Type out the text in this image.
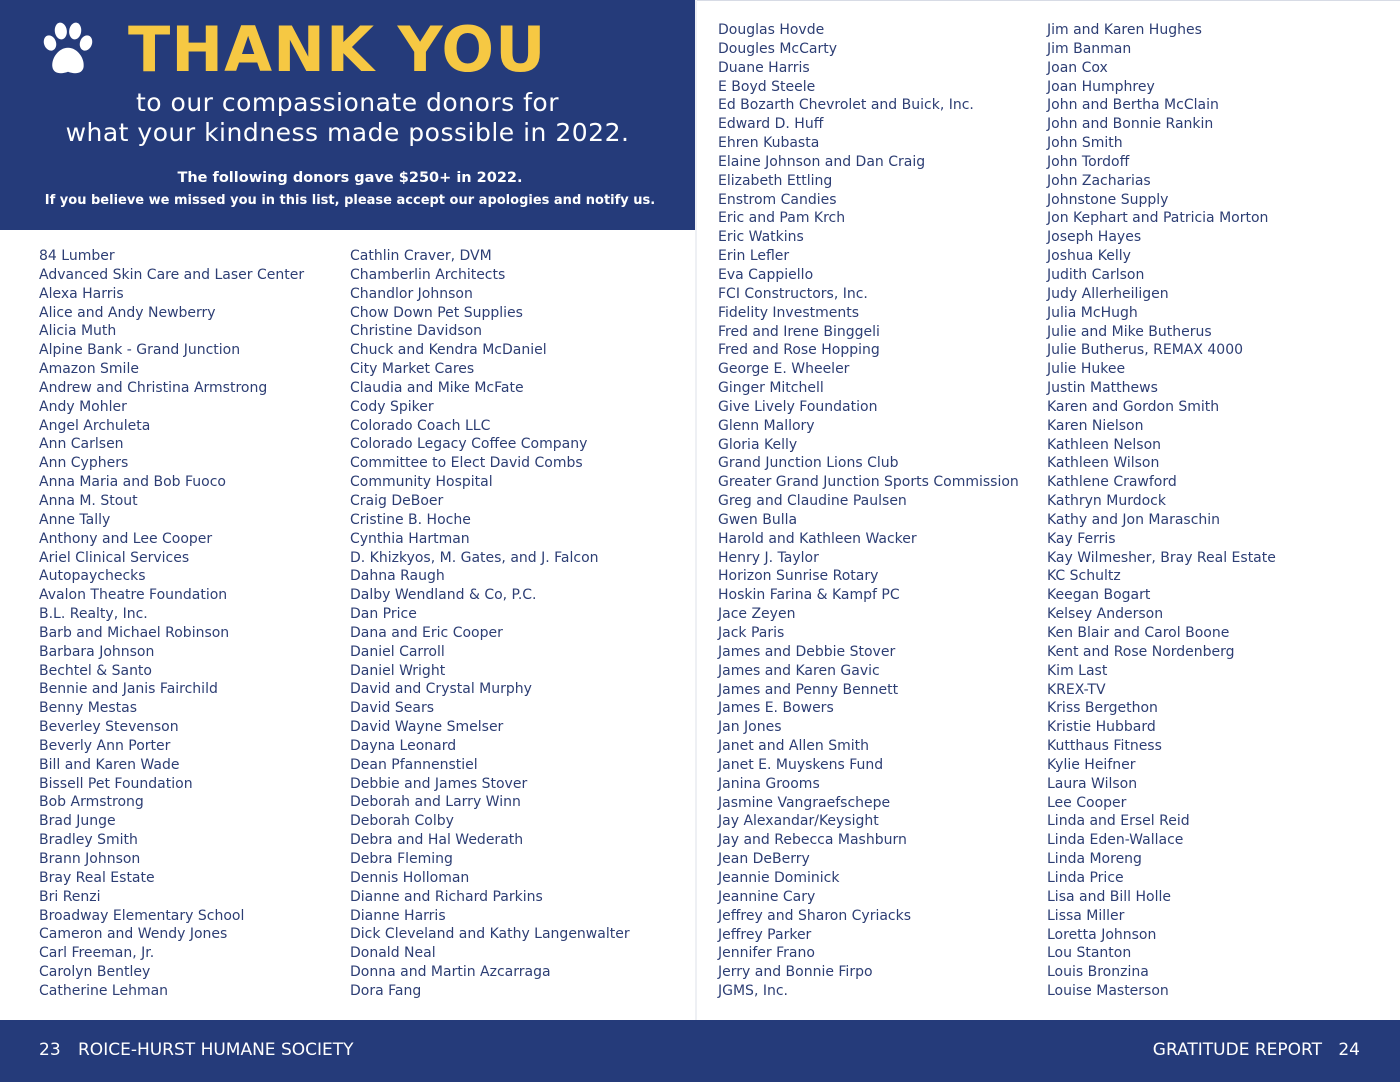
THANK YOU
to our compassionate donors for
what your kindness made possible in 2022.
The following donors gave $250+ in 2022.
If you believe we missed you in this list, please accept our apologies and notify us.
84 Lumber
Advanced Skin Care and Laser Center
Alexa Harris
Alice and Andy Newberry
Alicia Muth
Alpine Bank - Grand Junction
Amazon Smile
Andrew and Christina Armstrong
Andy Mohler
Angel Archuleta
Ann Carlsen
Ann Cyphers
Anna Maria and Bob Fuoco
Anna M. Stout
Anne Tally
Anthony and Lee Cooper
Ariel Clinical Services
Autopaychecks
Avalon Theatre Foundation
B.L. Realty, Inc.
Barb and Michael Robinson
Barbara Johnson
Bechtel & Santo
Bennie and Janis Fairchild
Benny Mestas
Beverley Stevenson
Beverly Ann Porter
Bill and Karen Wade
Bissell Pet Foundation
Bob Armstrong
Brad Junge
Bradley Smith
Brann Johnson
Bray Real Estate
Bri Renzi
Broadway Elementary School
Cameron and Wendy Jones
Carl Freeman, Jr.
Carolyn Bentley
Catherine Lehman
Cathlin Craver, DVM
Chamberlin Architects
Chandlor Johnson
Chow Down Pet Supplies
Christine Davidson
Chuck and Kendra McDaniel
City Market Cares
Claudia and Mike McFate
Cody Spiker
Colorado Coach LLC
Colorado Legacy Coffee Company
Committee to Elect David Combs
Community Hospital
Craig DeBoer
Cristine B. Hoche
Cynthia Hartman
D. Khizkyos, M. Gates, and J. Falcon
Dahna Raugh
Dalby Wendland & Co, P.C.
Dan Price
Dana and Eric Cooper
Daniel Carroll
Daniel Wright
David and Crystal Murphy
David Sears
David Wayne Smelser
Dayna Leonard
Dean Pfannenstiel
Debbie and James Stover
Deborah and Larry Winn
Deborah Colby
Debra and Hal Wederath
Debra Fleming
Dennis Holloman
Dianne and Richard Parkins
Dianne Harris
Dick Cleveland and Kathy Langenwalter
Donald Neal
Donna and Martin Azcarraga
Dora Fang
Douglas Hovde
Dougles McCarty
Duane Harris
E Boyd Steele
Ed Bozarth Chevrolet and Buick, Inc.
Edward D. Huff
Ehren Kubasta
Elaine Johnson and Dan Craig
Elizabeth Ettling
Enstrom Candies
Eric and Pam Krch
Eric Watkins
Erin Lefler
Eva Cappiello
FCI Constructors, Inc.
Fidelity Investments
Fred and Irene Binggeli
Fred and Rose Hopping
George E. Wheeler
Ginger Mitchell
Give Lively Foundation
Glenn Mallory
Gloria Kelly
Grand Junction Lions Club
Greater Grand Junction Sports Commission
Greg and Claudine Paulsen
Gwen Bulla
Harold and Kathleen Wacker
Henry J. Taylor
Horizon Sunrise Rotary
Hoskin Farina & Kampf PC
Jace Zeyen
Jack Paris
James and Debbie Stover
James and Karen Gavic
James and Penny Bennett
James E. Bowers
Jan Jones
Janet and Allen Smith
Janet E. Muyskens Fund
Janina Grooms
Jasmine Vangraefschepe
Jay Alexandar/Keysight
Jay and Rebecca Mashburn
Jean DeBerry
Jeannie Dominick
Jeannine Cary
Jeffrey and Sharon Cyriacks
Jeffrey Parker
Jennifer Frano
Jerry and Bonnie Firpo
JGMS, Inc.
Jim and Karen Hughes
Jim Banman
Joan Cox
Joan Humphrey
John and Bertha McClain
John and Bonnie Rankin
John Smith
John Tordoff
John Zacharias
Johnstone Supply
Jon Kephart and Patricia Morton
Joseph Hayes
Joshua Kelly
Judith Carlson
Judy Allerheiligen
Julia McHugh
Julie and Mike Butherus
Julie Butherus, REMAX 4000
Julie Hukee
Justin Matthews
Karen and Gordon Smith
Karen Nielson
Kathleen Nelson
Kathleen Wilson
Kathlene Crawford
Kathryn Murdock
Kathy and Jon Maraschin
Kay Ferris
Kay Wilmesher, Bray Real Estate
KC Schultz
Keegan Bogart
Kelsey Anderson
Ken Blair and Carol Boone
Kent and Rose Nordenberg
Kim Last
KREX-TV
Kriss Bergethon
Kristie Hubbard
Kutthaus Fitness
Kylie Heifner
Laura Wilson
Lee Cooper
Linda and Ersel Reid
Linda Eden-Wallace
Linda Moreng
Linda Price
Lisa and Bill Holle
Lissa Miller
Loretta Johnson
Lou Stanton
Louis Bronzina
Louise Masterson
23 ROICE-HURST HUMANE SOCIETY	GRATITUDE REPORT 24
